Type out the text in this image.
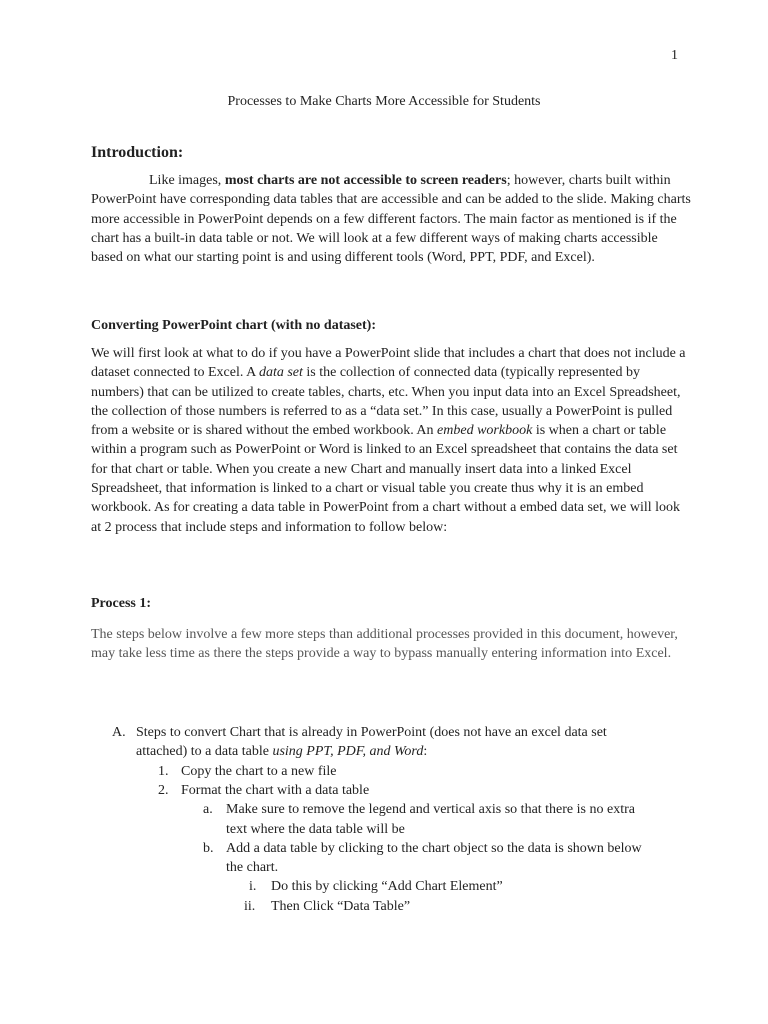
1
Processes to Make Charts More Accessible for Students
Introduction:

Like images, most charts are not accessible to screen readers; however, charts built within PowerPoint have corresponding data tables that are accessible and can be added to the slide. Making charts more accessible in PowerPoint depends on a few different factors. The main factor as mentioned is if the chart has a built-in data table or not. We will look at a few different ways of making charts accessible based on what our starting point is and using different tools (Word, PPT, PDF, and Excel).

Converting PowerPoint chart (with no dataset):

We will first look at what to do if you have a PowerPoint slide that includes a chart that does not include a dataset connected to Excel. A data set is the collection of connected data (typically represented by numbers) that can be utilized to create tables, charts, etc. When you input data into an Excel Spreadsheet, the collection of those numbers is referred to as a “data set.” In this case, usually a PowerPoint is pulled from a website or is shared without the embed workbook. An embed workbook is when a chart or table within a program such as PowerPoint or Word is linked to an Excel spreadsheet that contains the data set for that chart or table. When you create a new Chart and manually insert data into a linked Excel Spreadsheet, that information is linked to a chart or visual table you create thus why it is an embed workbook. As for creating a data table in PowerPoint from a chart without a embed data set, we will look at 2 process that include steps and information to follow below:

Process 1:

The steps below involve a few more steps than additional processes provided in this document, however, may take less time as there the steps provide a way to bypass manually entering information into Excel.

A. Steps to convert Chart that is already in PowerPoint (does not have an excel data set
attached) to a data table using PPT, PDF, and Word:
1. Copy the chart to a new file
2. Format the chart with a data table
a. Make sure to remove the legend and vertical axis so that there is no extra
text where the data table will be
b. Add a data table by clicking to the chart object so the data is shown below
the chart.
i. Do this by clicking “Add Chart Element”
ii. Then Click “Data Table”
